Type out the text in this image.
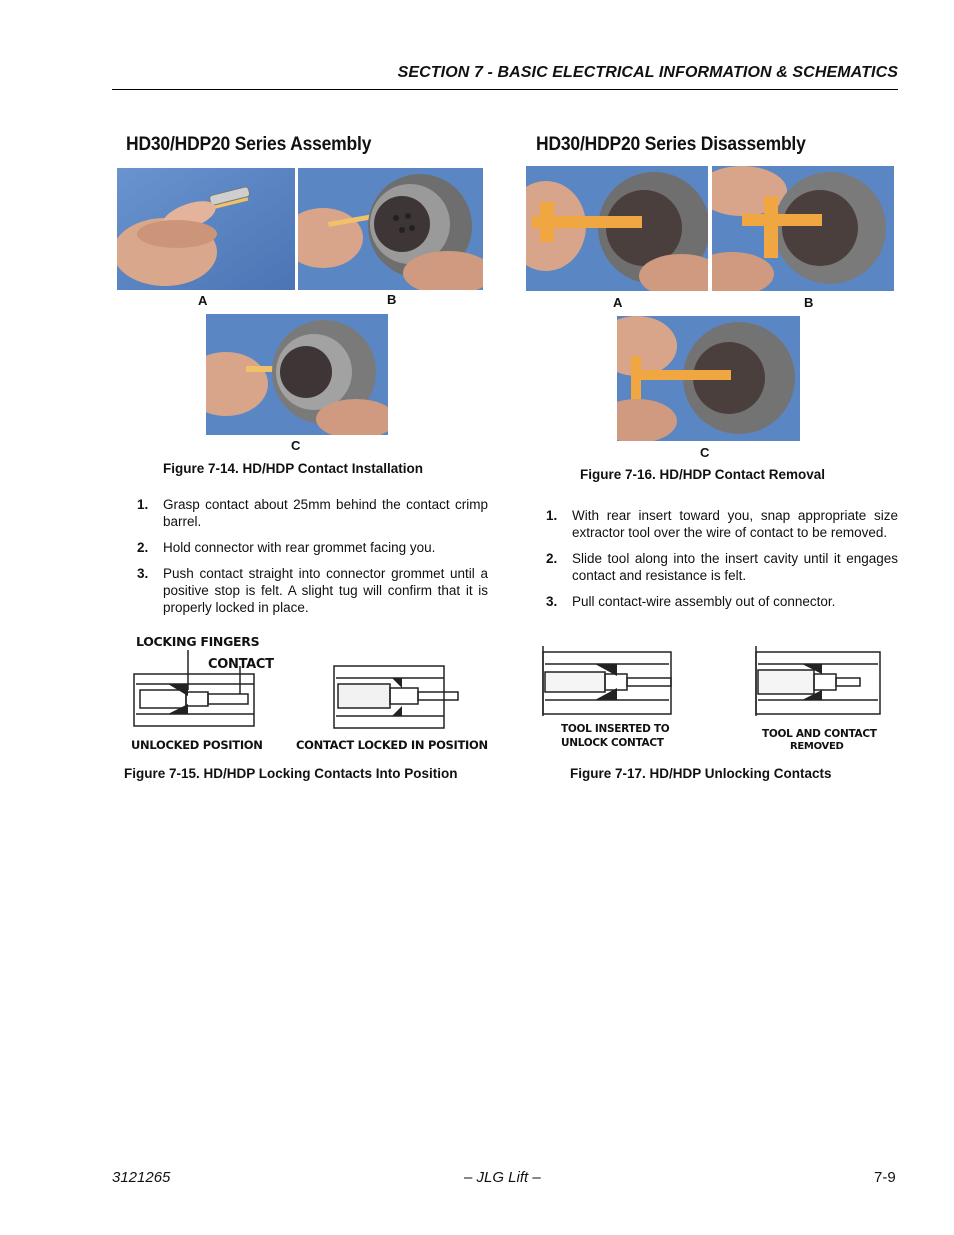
SECTION 7 - BASIC ELECTRICAL INFORMATION & SCHEMATICS
HD30/HDP20 Series Assembly
A	B
C
Figure 7-14. HD/HDP Contact Installation
1. Grasp contact about 25mm behind the contact crimp barrel.
2. Hold connector with rear grommet facing you.
3. Push contact straight into connector grommet until a positive stop is felt. A slight tug will confirm that it is properly locked in place.
LOCKING FINGERS
CONTACT
UNLOCKED POSITION	CONTACT LOCKED IN POSITION
Figure 7-15. HD/HDP Locking Contacts Into Position
HD30/HDP20 Series Disassembly
A	B
C
Figure 7-16. HD/HDP Contact Removal
1. With rear insert toward you, snap appropriate size extractor tool over the wire of contact to be removed.
2. Slide tool along into the insert cavity until it engages contact and resistance is felt.
3. Pull contact-wire assembly out of connector.
TOOL INSERTED TO
UNLOCK CONTACT
TOOL AND CONTACT
REMOVED
Figure 7-17. HD/HDP Unlocking Contacts
3121265	– JLG Lift –	7-9
